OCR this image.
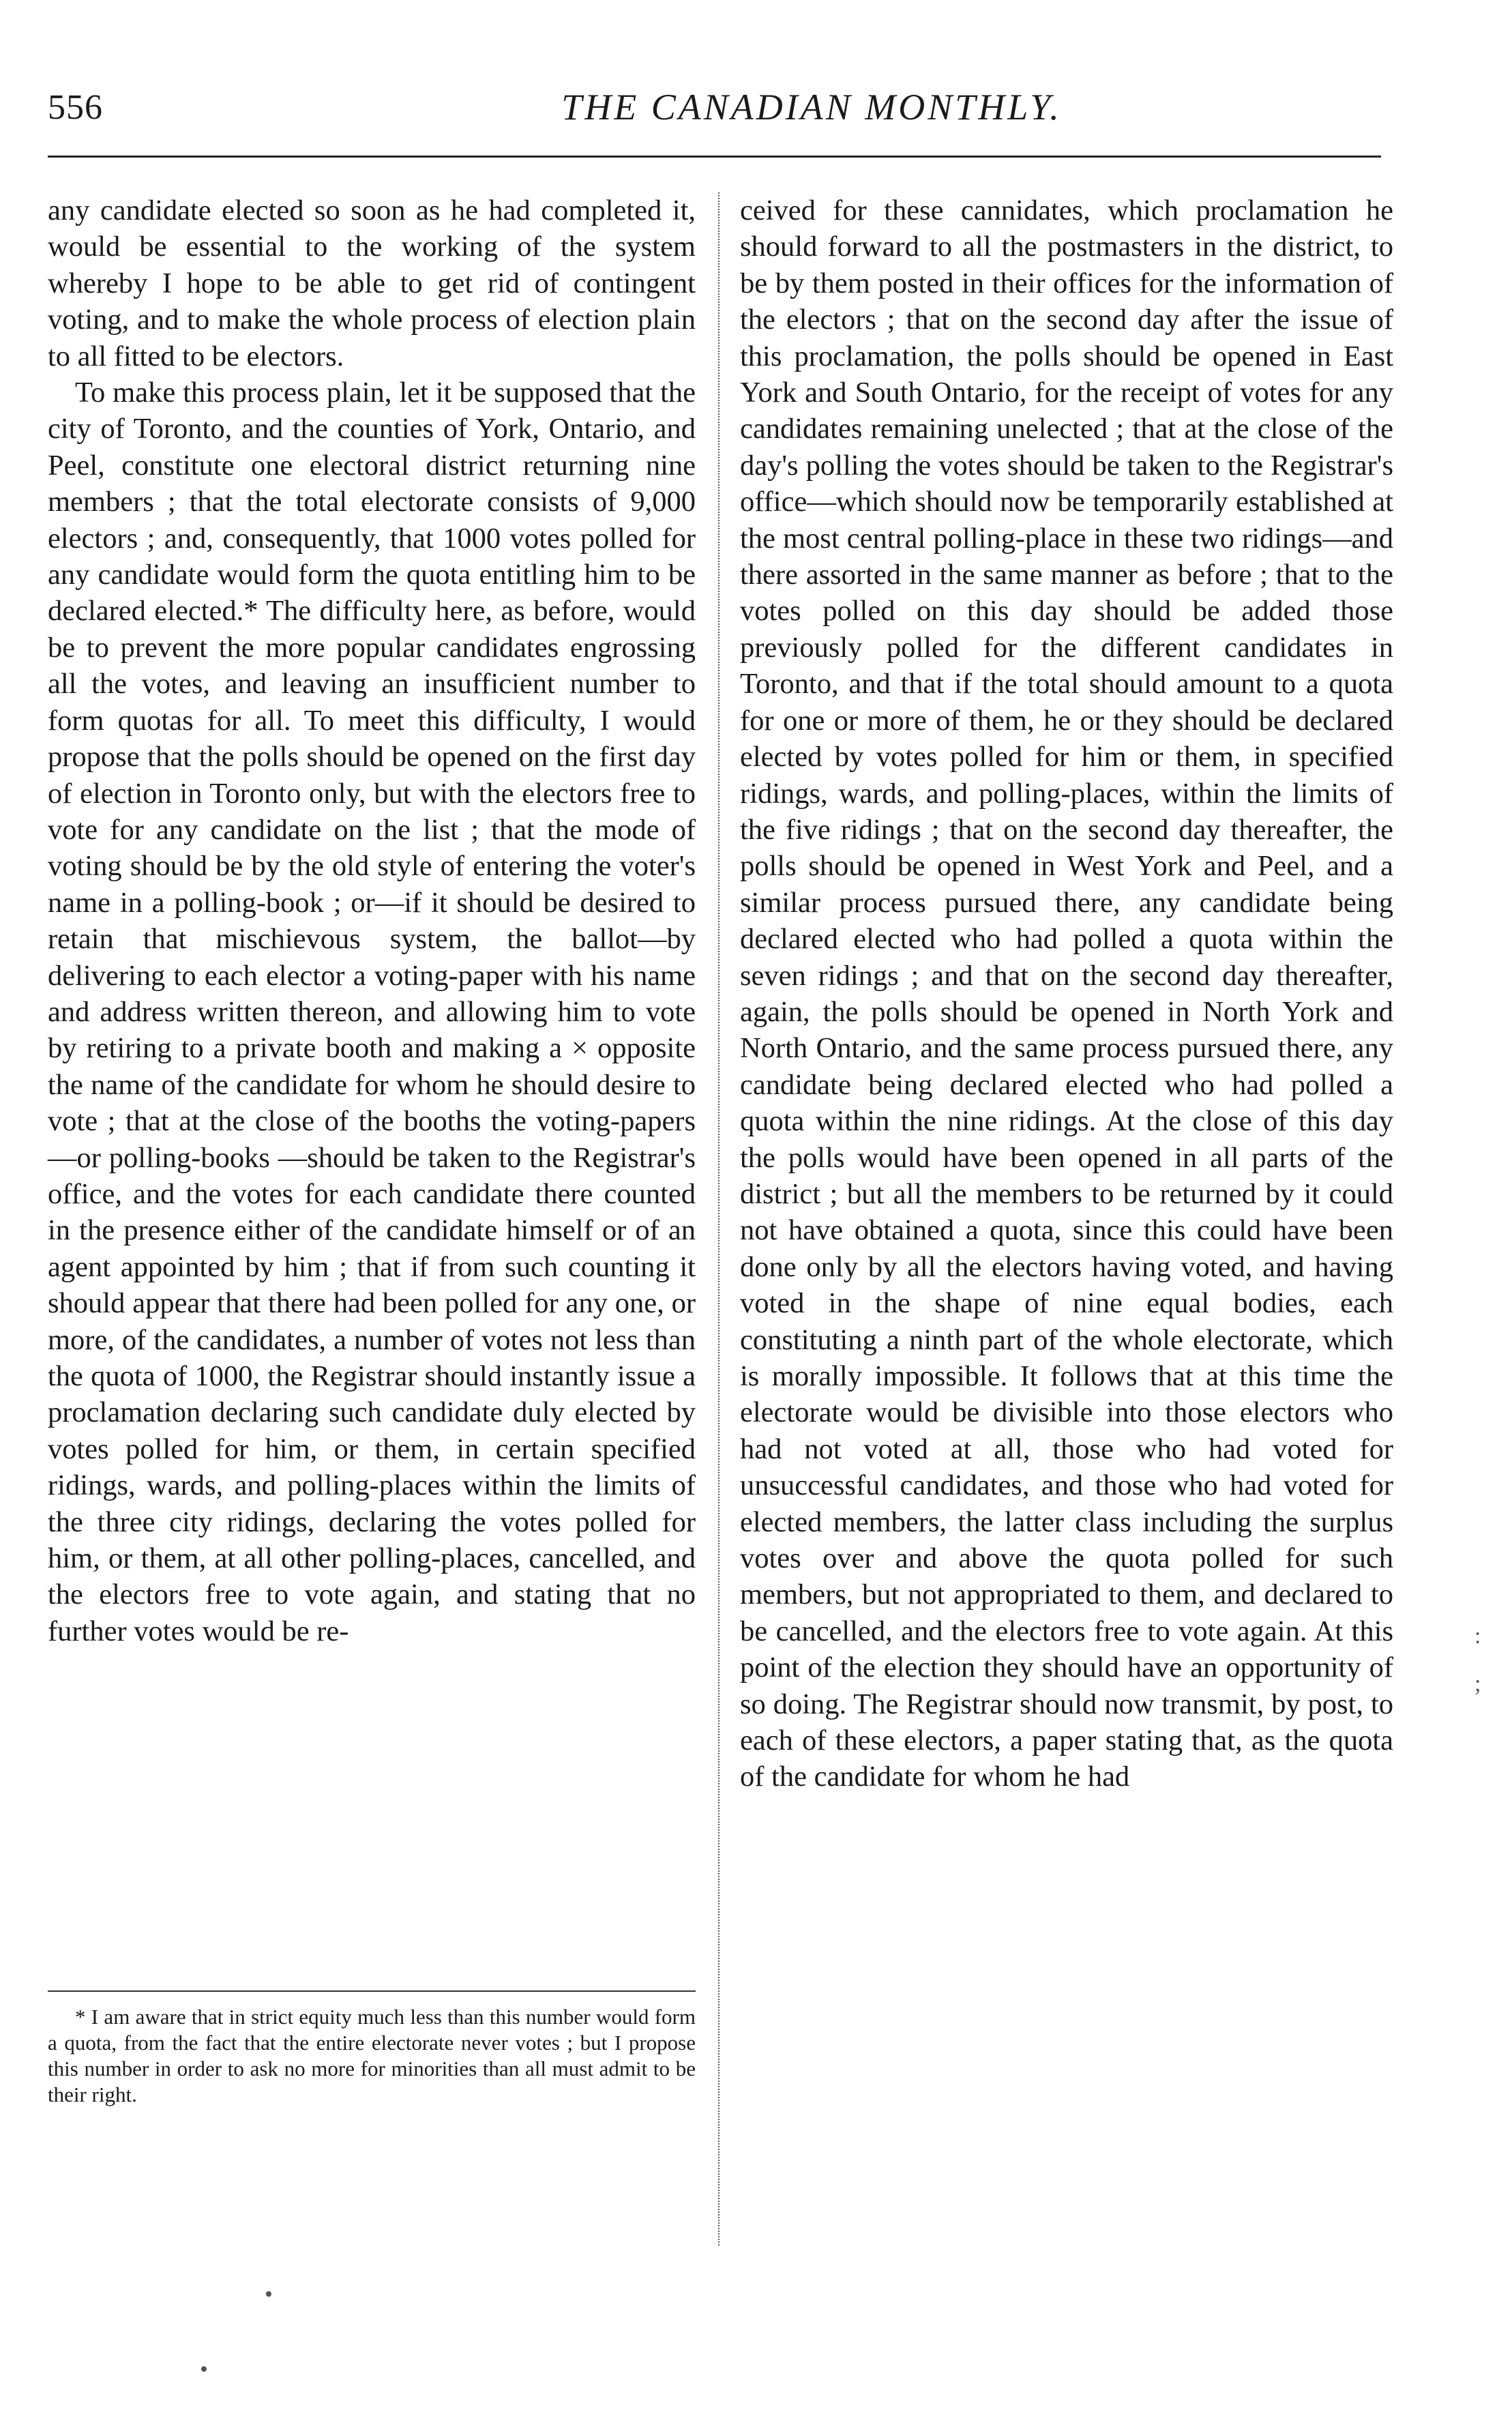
556	THE CANADIAN MONTHLY.

any candidate elected so soon as he had completed it, would be essential to the working of the system whereby I hope to be able to get rid of contingent voting, and to make the whole process of election plain to all fitted to be electors.

To make this process plain, let it be supposed that the city of Toronto, and the counties of York, Ontario, and Peel, constitute one electoral district returning nine members ; that the total electorate consists of 9,000 electors ; and, consequently, that 1000 votes polled for any candidate would form the quota entitling him to be declared elected.* The difficulty here, as before, would be to prevent the more popular candidates engrossing all the votes, and leaving an insufficient number to form quotas for all. To meet this difficulty, I would propose that the polls should be opened on the first day of election in Toronto only, but with the electors free to vote for any candidate on the list ; that the mode of voting should be by the old style of entering the voter's name in a polling-book ; or—if it should be desired to retain that mischievous system, the ballot—by delivering to each elector a voting-paper with his name and address written thereon, and allowing him to vote by retiring to a private booth and making a × opposite the name of the candidate for whom he should desire to vote ; that at the close of the booths the voting-papers—or polling-books —should be taken to the Registrar's office, and the votes for each candidate there counted in the presence either of the candidate himself or of an agent appointed by him ; that if from such counting it should appear that there had been polled for any one, or more, of the candidates, a number of votes not less than the quota of 1000, the Registrar should instantly issue a proclamation declaring such candidate duly elected by votes polled for him, or them, in certain specified ridings, wards, and polling-places within the limits of the three city ridings, declaring the votes polled for him, or them, at all other polling-places, cancelled, and the electors free to vote again, and stating that no further votes would be re-

ceived for these cannidates, which proclamation he should forward to all the postmasters in the district, to be by them posted in their offices for the information of the electors ; that on the second day after the issue of this proclamation, the polls should be opened in East York and South Ontario, for the receipt of votes for any candidates remaining unelected ; that at the close of the day's polling the votes should be taken to the Registrar's office—which should now be temporarily established at the most central polling-place in these two ridings—and there assorted in the same manner as before ; that to the votes polled on this day should be added those previously polled for the different candidates in Toronto, and that if the total should amount to a quota for one or more of them, he or they should be declared elected by votes polled for him or them, in specified ridings, wards, and polling-places, within the limits of the five ridings ; that on the second day thereafter, the polls should be opened in West York and Peel, and a similar process pursued there, any candidate being declared elected who had polled a quota within the seven ridings ; and that on the second day thereafter, again, the polls should be opened in North York and North Ontario, and the same process pursued there, any candidate being declared elected who had polled a quota within the nine ridings. At the close of this day the polls would have been opened in all parts of the district ; but all the members to be returned by it could not have obtained a quota, since this could have been done only by all the electors having voted, and having voted in the shape of nine equal bodies, each constituting a ninth part of the whole electorate, which is morally impossible. It follows that at this time the electorate would be divisible into those electors who had not voted at all, those who had voted for unsuccessful candidates, and those who had voted for elected members, the latter class including the surplus votes over and above the quota polled for such members, but not appropriated to them, and declared to be cancelled, and the electors free to vote again. At this point of the election they should have an opportunity of so doing. The Registrar should now transmit, by post, to each of these electors, a paper stating that, as the quota of the candidate for whom he had

* I am aware that in strict equity much less than this number would form a quota, from the fact that the entire electorate never votes ; but I propose this number in order to ask no more for minorities than all must admit to be their right.

:
;
•
•
